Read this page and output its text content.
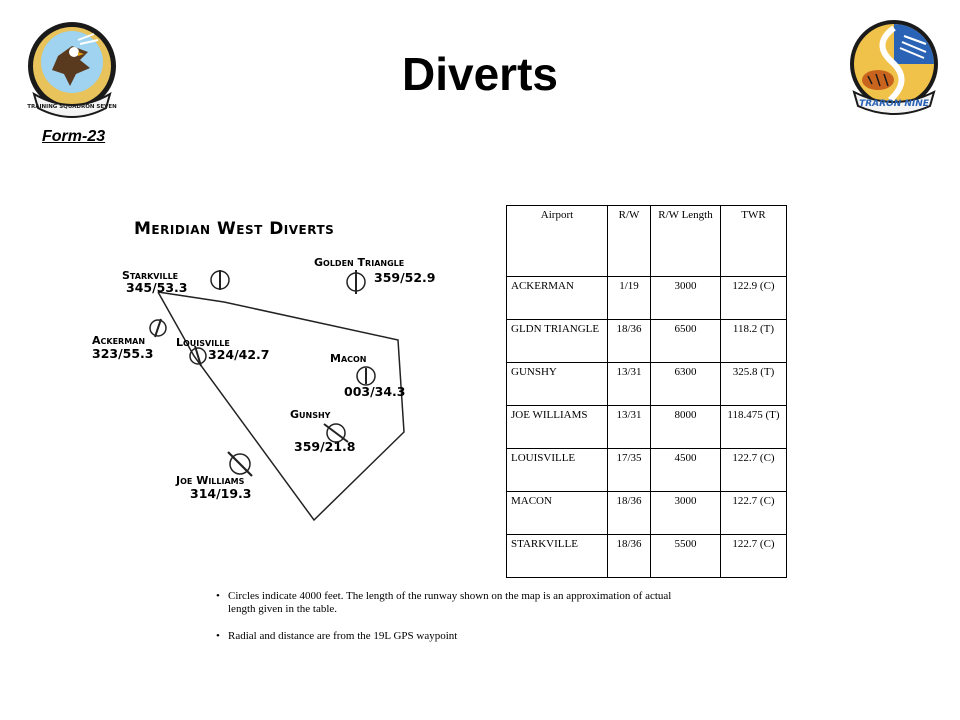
Diverts
Form-23
TRAINING SQUADRON SEVEN	TRARON NINE
Meridian West Diverts
Starkville
345/53.3
Golden Triangle
359/52.9
Ackerman
323/55.3
Louisville
324/42.7	Macon
003/34.3
Gunshy
359/21.8
Joe Williams
314/19.3
Airport	R/W	R/W Length	TWR
ACKERMAN	1/19	3000	122.9 (C)
GLDN TRIANGLE	18/36	6500	118.2 (T)
GUNSHY	13/31	6300	325.8 (T)
JOE WILLIAMS	13/31	8000	118.475 (T)
LOUISVILLE	17/35	4500	122.7 (C)
MACON	18/36	3000	122.7 (C)
STARKVILLE	18/36	5500	122.7 (C)
• Circles indicate 4000 feet. The length of the runway shown on the map is an approximation of actual length given in the table.
• Radial and distance are from the 19L GPS waypoint
